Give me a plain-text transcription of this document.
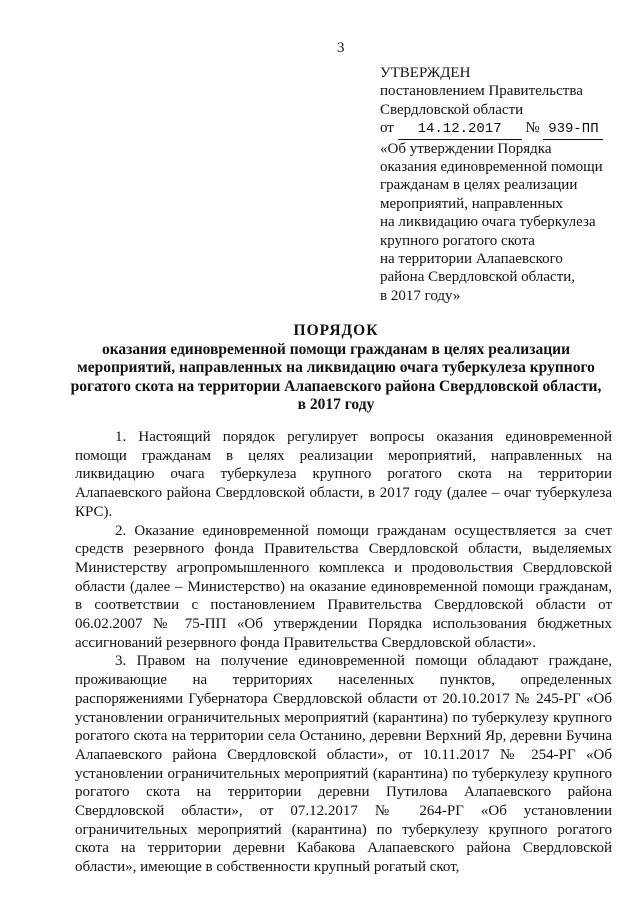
3
УТВЕРЖДЕН
постановлением Правительства
Свердловской области
от 14.12.2017 № 939-ПП
«Об утверждении Порядка
оказания единовременной помощи
гражданам в целях реализации
мероприятий, направленных
на ликвидацию очага туберкулеза
крупного рогатого скота
на территории Алапаевского
района Свердловской области,
в 2017 году»
ПОРЯДОК
оказания единовременной помощи гражданам в целях реализации
мероприятий, направленных на ликвидацию очага туберкулеза крупного
рогатого скота на территории Алапаевского района Свердловской области,
в 2017 году

1. Настоящий порядок регулирует вопросы оказания единовременной помощи гражданам в целях реализации мероприятий, направленных на ликвидацию очага туберкулеза крупного рогатого скота на территории Алапаевского района Свердловской области, в 2017 году (далее – очаг туберкулеза КРС).

2. Оказание единовременной помощи гражданам осуществляется за счет средств резервного фонда Правительства Свердловской области, выделяемых Министерству агропромышленного комплекса и продовольствия Свердловской области (далее – Министерство) на оказание единовременной помощи гражданам, в соответствии с постановлением Правительства Свердловской области от 06.02.2007 № 75-ПП «Об утверждении Порядка использования бюджетных ассигнований резервного фонда Правительства Свердловской области».

3. Правом на получение единовременной помощи обладают граждане, проживающие на территориях населенных пунктов, определенных распоряжениями Губернатора Свердловской области от 20.10.2017 № 245-РГ «Об установлении ограничительных мероприятий (карантина) по туберкулезу крупного рогатого скота на территории села Останино, деревни Верхний Яр, деревни Бучина Алапаевского района Свердловской области», от 10.11.2017 № 254-РГ «Об установлении ограничительных мероприятий (карантина) по туберкулезу крупного рогатого скота на территории деревни Путилова Алапаевского района Свердловской области», от 07.12.2017 № 264-РГ «Об установлении ограничительных мероприятий (карантина) по туберкулезу крупного рогатого скота на территории деревни Кабакова Алапаевского района Свердловской области», имеющие в собственности крупный рогатый скот,
